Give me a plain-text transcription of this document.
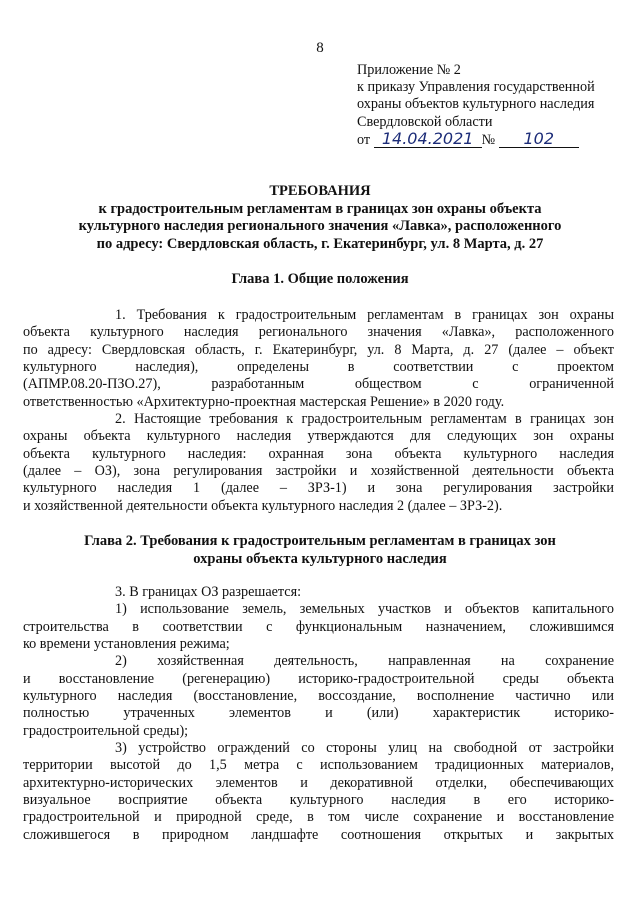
8
Приложение № 2
к приказу Управления государственной
охраны объектов культурного наследия
Свердловской области
от 14.04.2021 № 102
ТРЕБОВАНИЯ
к градостроительным регламентам в границах зон охраны объекта
культурного наследия регионального значения «Лавка», расположенного
по адресу: Свердловская область, г. Екатеринбург, ул. 8 Марта, д. 27
Глава 1. Общие положения
1. Требования к градостроительным регламентам в границах зон охраны
объекта культурного наследия регионального значения «Лавка», расположенного
по адресу: Свердловская область, г. Екатеринбург, ул. 8 Марта, д. 27 (далее – объект
культурного наследия), определены в соответствии с проектом
(АПМР.08.20-ПЗО.27), разработанным обществом с ограниченной
ответственностью «Архитектурно-проектная мастерская Решение» в 2020 году.
2. Настоящие требования к градостроительным регламентам в границах зон
охраны объекта культурного наследия утверждаются для следующих зон охраны
объекта культурного наследия: охранная зона объекта культурного наследия
(далее – ОЗ), зона регулирования застройки и хозяйственной деятельности объекта
культурного наследия 1 (далее – ЗРЗ-1) и зона регулирования застройки
и хозяйственной деятельности объекта культурного наследия 2 (далее – ЗРЗ-2).
Глава 2. Требования к градостроительным регламентам в границах зон
охраны объекта культурного наследия
3. В границах ОЗ разрешается:
1) использование земель, земельных участков и объектов капитального
строительства в соответствии с функциональным назначением, сложившимся
ко времени установления режима;
2) хозяйственная деятельность, направленная на сохранение
и восстановление (регенерацию) историко-градостроительной среды объекта
культурного наследия (восстановление, воссоздание, восполнение частично или
полностью утраченных элементов и (или) характеристик историко-
градостроительной среды);
3) устройство ограждений со стороны улиц на свободной от застройки
территории высотой до 1,5 метра с использованием традиционных материалов,
архитектурно-исторических элементов и декоративной отделки, обеспечивающих
визуальное восприятие объекта культурного наследия в его историко-
градостроительной и природной среде, в том числе сохранение и восстановление
сложившегося в природном ландшафте соотношения открытых и закрытых
